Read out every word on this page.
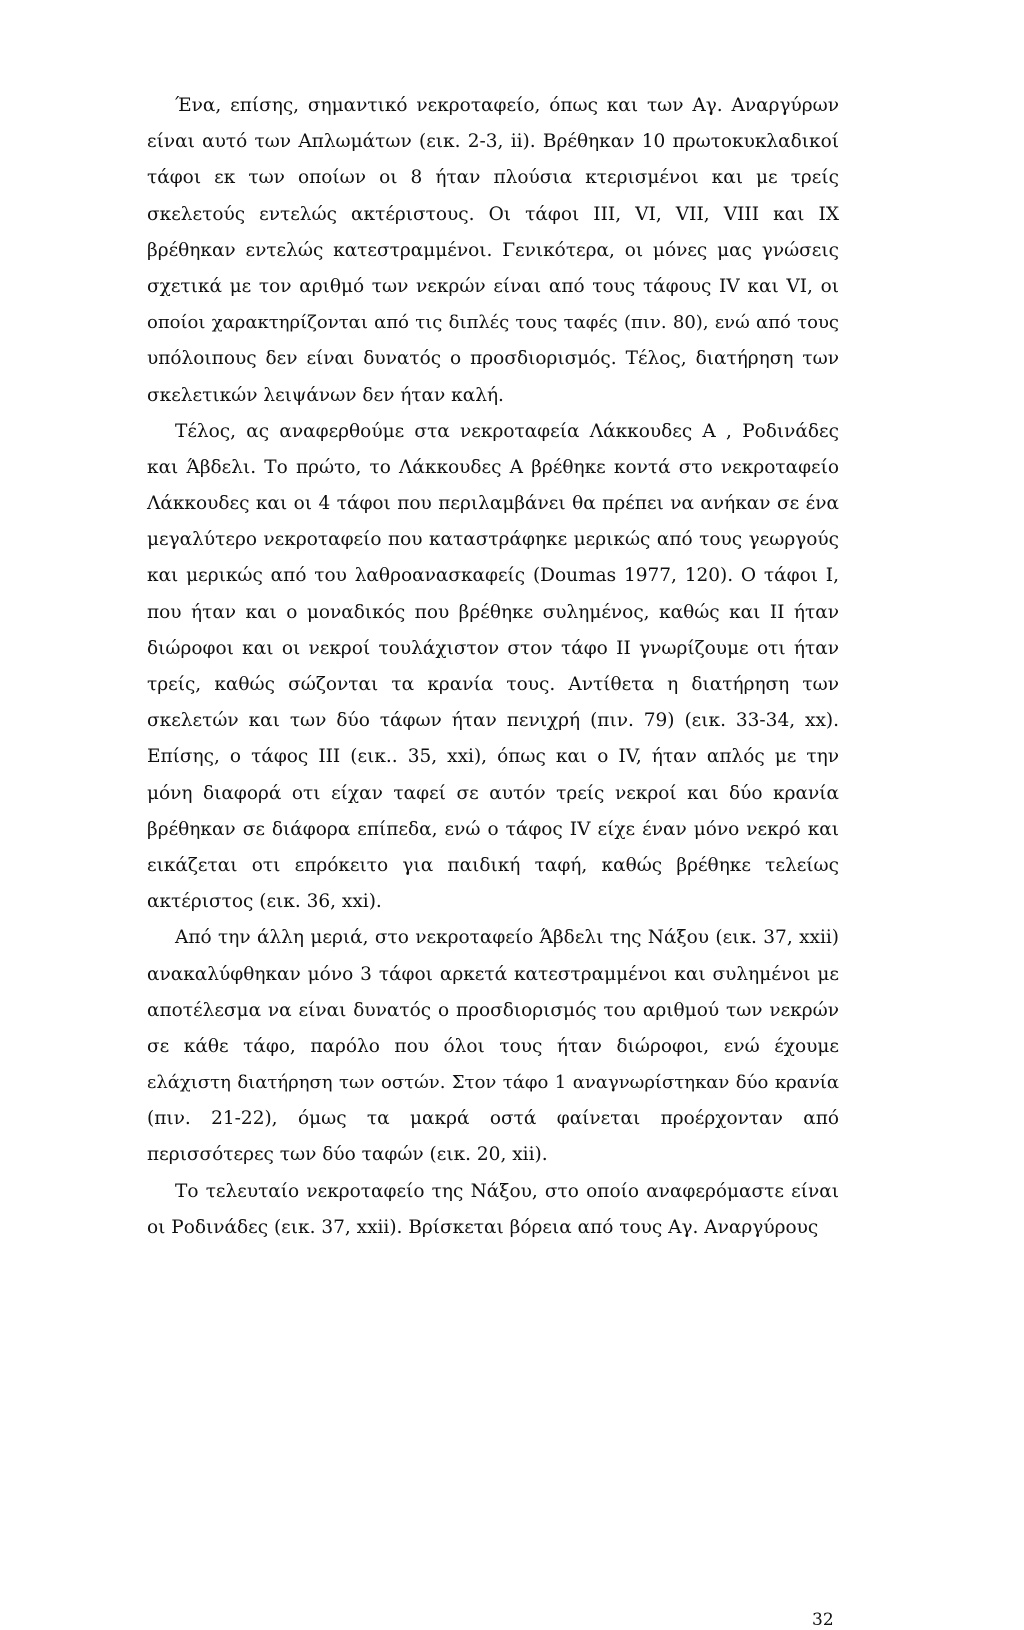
Ένα, επίσης, σημαντικό νεκροταφείο, όπως και των Αγ. Αναργύρων
είναι αυτό των Απλωμάτων (εικ. 2-3, ii). Βρέθηκαν 10 πρωτοκυκλαδικοί
τάφοι εκ των οποίων οι 8 ήταν πλούσια κτερισμένοι και με τρείς
σκελετούς εντελώς ακτέριστους. Οι τάφοι ΙΙΙ, VI, VII, VIII και ΙΧ
βρέθηκαν εντελώς κατεστραμμένοι. Γενικότερα, οι μόνες μας γνώσεις
σχετικά με τον αριθμό των νεκρών είναι από τους τάφους IV και VI, οι
οποίοι χαρακτηρίζονται από τις διπλές τους ταφές (πιν. 80), ενώ από τους
υπόλοιπους δεν είναι δυνατός ο προσδιορισμός. Τέλος, διατήρηση των
σκελετικών λειψάνων δεν ήταν καλή.
Τέλος, ας αναφερθούμε στα νεκροταφεία Λάκκουδες Α , Ροδινάδες
και Άβδελι. Το πρώτο, το Λάκκουδες Α βρέθηκε κοντά στο νεκροταφείο
Λάκκουδες και οι 4 τάφοι που περιλαμβάνει θα πρέπει να ανήκαν σε ένα
μεγαλύτερο νεκροταφείο που καταστράφηκε μερικώς από τους γεωργούς
και μερικώς από του λαθροανασκαφείς (Doumas 1977, 120). Ο τάφοι Ι,
που ήταν και ο μοναδικός που βρέθηκε συλημένος, καθώς και ΙΙ ήταν
διώροφοι και οι νεκροί τουλάχιστον στον τάφο ΙΙ γνωρίζουμε οτι ήταν
τρείς, καθώς σώζονται τα κρανία τους. Αντίθετα η διατήρηση των
σκελετών και των δύο τάφων ήταν πενιχρή (πιν. 79) (εικ. 33-34, xx).
Επίσης, ο τάφος ΙΙΙ (εικ.. 35, xxi), όπως και ο IV, ήταν απλός με την
μόνη διαφορά οτι είχαν ταφεί σε αυτόν τρείς νεκροί και δύο κρανία
βρέθηκαν σε διάφορα επίπεδα, ενώ ο τάφος IV είχε έναν μόνο νεκρό και
εικάζεται οτι επρόκειτο για παιδική ταφή, καθώς βρέθηκε τελείως
ακτέριστος (εικ. 36, xxi).
Από την άλλη μεριά, στο νεκροταφείο Άβδελι της Νάξου (εικ. 37, xxii)
ανακαλύφθηκαν μόνο 3 τάφοι αρκετά κατεστραμμένοι και συλημένοι με
αποτέλεσμα να είναι δυνατός ο προσδιορισμός του αριθμού των νεκρών
σε κάθε τάφο, παρόλο που όλοι τους ήταν διώροφοι, ενώ έχουμε
ελάχιστη διατήρηση των οστών. Στον τάφο 1 αναγνωρίστηκαν δύο κρανία
(πιν. 21-22), όμως τα μακρά οστά φαίνεται προέρχονταν από
περισσότερες των δύο ταφών (εικ. 20, xii).
Το τελευταίο νεκροταφείο της Νάξου, στο οποίο αναφερόμαστε είναι
οι Ροδινάδες (εικ. 37, xxii). Βρίσκεται βόρεια από τους Αγ. Αναργύρους
32
